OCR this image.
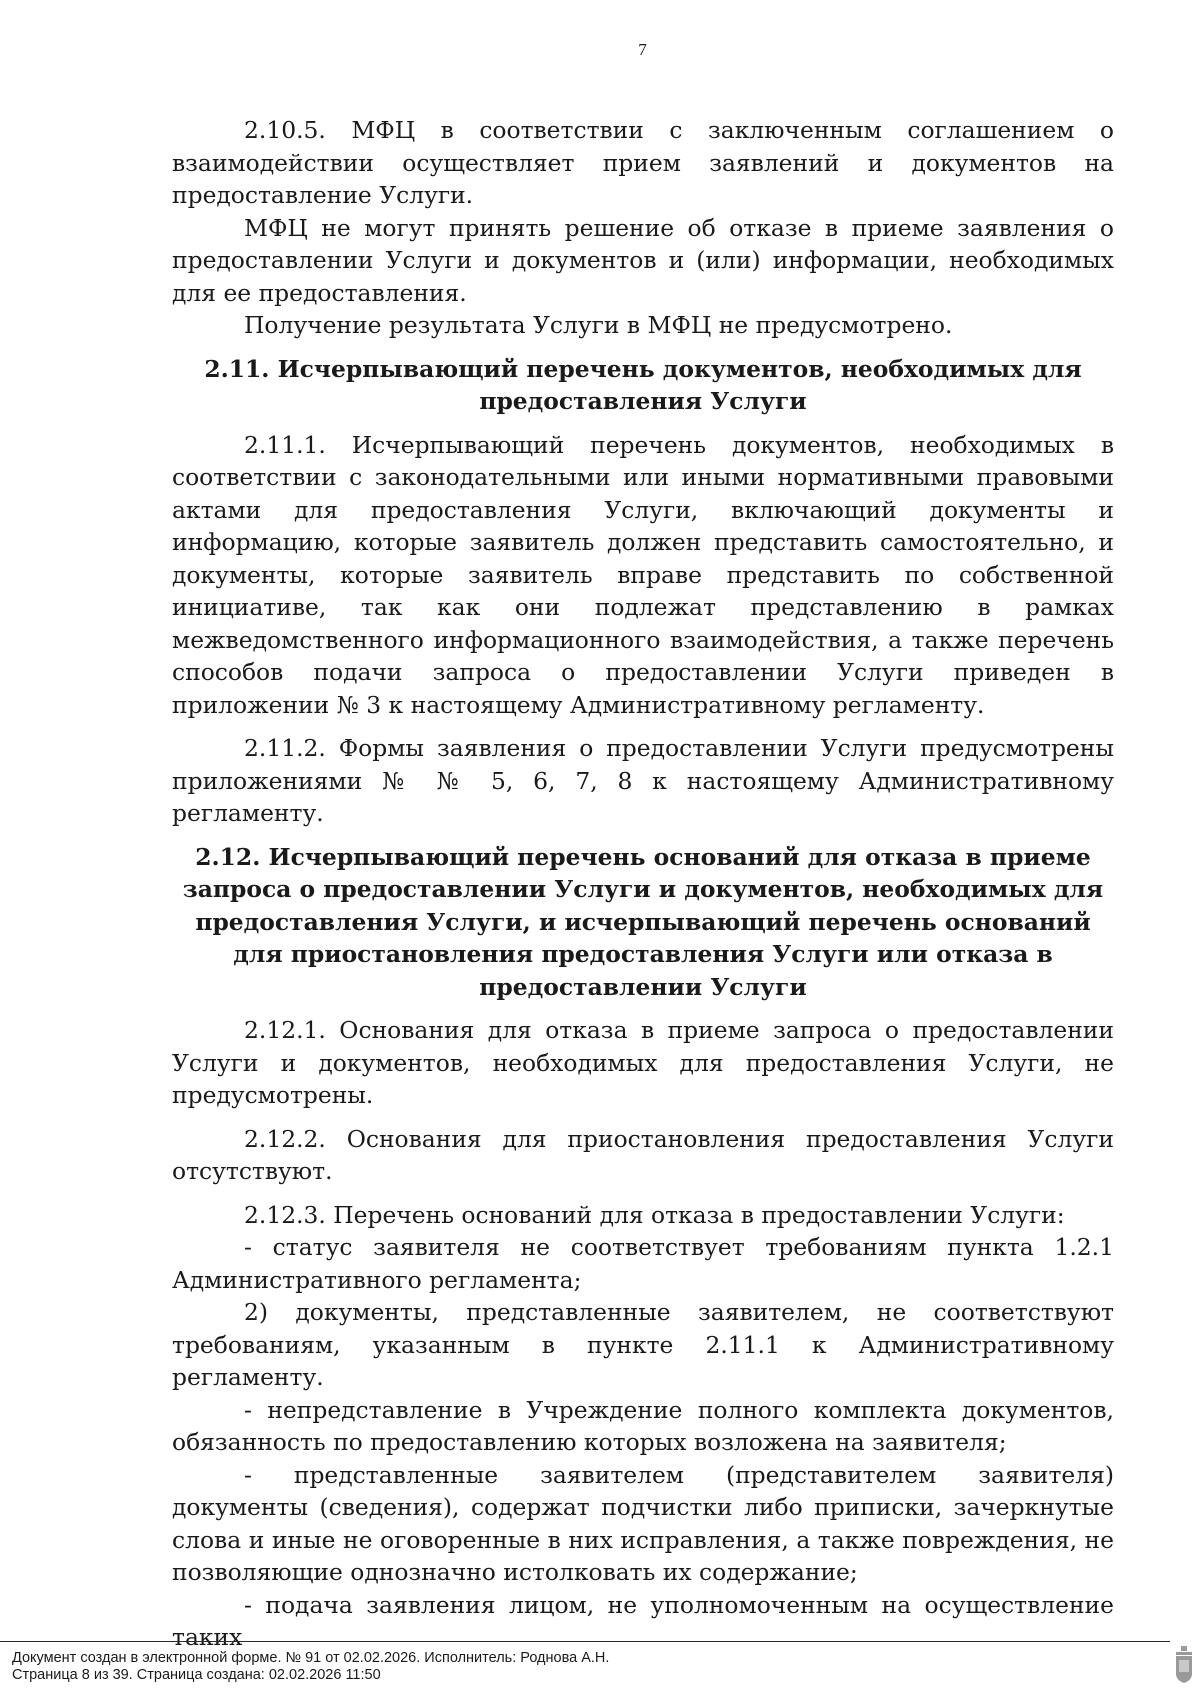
7

2.10.5. МФЦ в соответствии с заключенным соглашением о взаимодействии осуществляет прием заявлений и документов на предоставление Услуги.

МФЦ не могут принять решение об отказе в приеме заявления о предоставлении Услуги и документов и (или) информации, необходимых для ее предоставления.

Получение результата Услуги в МФЦ не предусмотрено.

2.11. Исчерпывающий перечень документов, необходимых для предоставления Услуги

2.11.1. Исчерпывающий перечень документов, необходимых в соответствии с законодательными или иными нормативными правовыми актами для предоставления Услуги, включающий документы и информацию, которые заявитель должен представить самостоятельно, и документы, которые заявитель вправе представить по собственной инициативе, так как они подлежат представлению в рамках межведомственного информационного взаимодействия, а также перечень способов подачи запроса о предоставлении Услуги приведен в приложении № 3 к настоящему Административному регламенту.

2.11.2. Формы заявления о предоставлении Услуги предусмотрены приложениями № № 5, 6, 7, 8 к настоящему Административному регламенту.

2.12. Исчерпывающий перечень оснований для отказа в приеме запроса о предоставлении Услуги и документов, необходимых для предоставления Услуги, и исчерпывающий перечень оснований для приостановления предоставления Услуги или отказа в предоставлении Услуги

2.12.1. Основания для отказа в приеме запроса о предоставлении Услуги и документов, необходимых для предоставления Услуги, не предусмотрены.

2.12.2. Основания для приостановления предоставления Услуги отсутствуют.

2.12.3. Перечень оснований для отказа в предоставлении Услуги:

- статус заявителя не соответствует требованиям пункта 1.2.1 Административного регламента;

2) документы, представленные заявителем, не соответствуют требованиям, указанным в пункте 2.11.1 к Административному регламенту.

- непредставление в Учреждение полного комплекта документов, обязанность по предоставлению которых возложена на заявителя;

- представленные заявителем (представителем заявителя) документы (сведения), содержат подчистки либо приписки, зачеркнутые слова и иные не оговоренные в них исправления, а также повреждения, не позволяющие однозначно истолковать их содержание;

- подача заявления лицом, не уполномоченным на осуществление таких

Документ создан в электронной форме. № 91 от 02.02.2026. Исполнитель: Роднова А.Н.
Страница 8 из 39. Страница создана: 02.02.2026 11:50
